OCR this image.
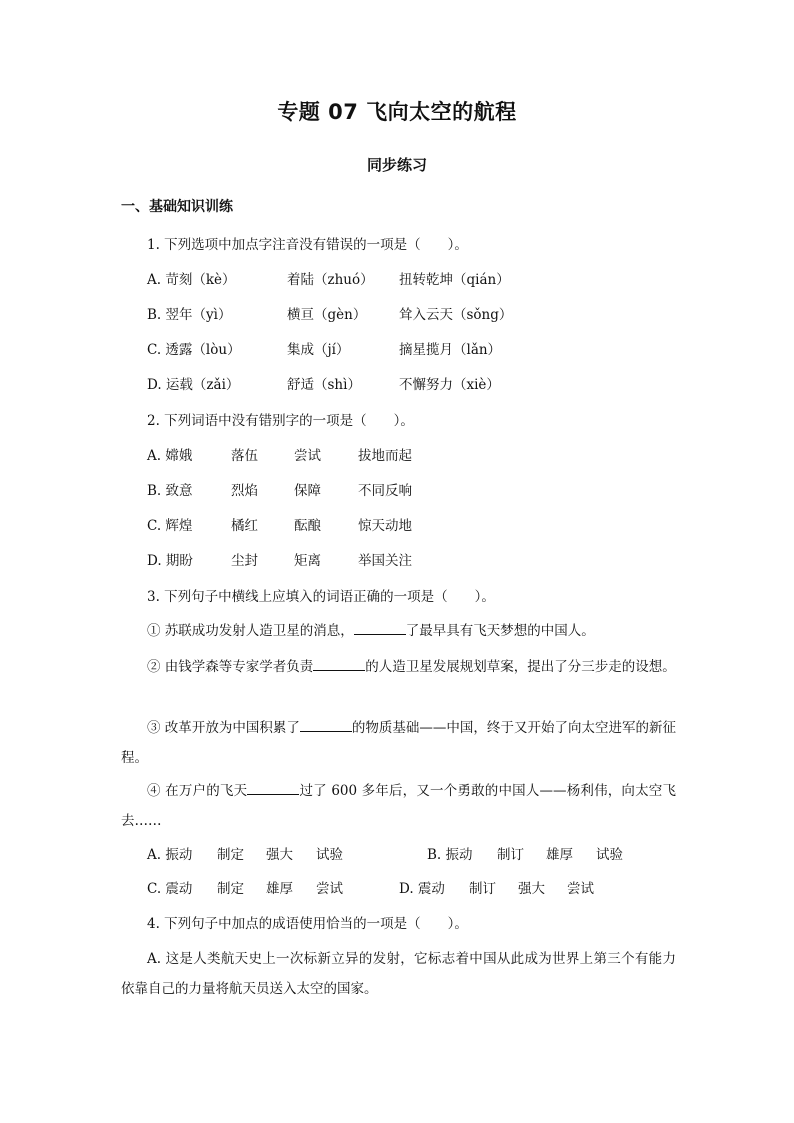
专题 07 飞向太空的航程
同步练习
一、基础知识训练
1. 下列选项中加点字注音没有错误的一项是（　　）。
A. 苛刻（kè）	着陆（zhuó） 扭转乾坤（qián）
B. 翌年（yì）	横亘（gèn） 耸入云天（sǒng）
C. 透露（lòu）	集成（jí）	摘星揽月（lǎn）
D. 运载（zǎi）	舒适（shì）	不懈努力（xiè）
2. 下列词语中没有错别字的一项是（　　）。
A. 嫦娥	落伍	尝试	拔地而起
B. 致意	烈焰	保障	不同反响
C. 辉煌	橘红	酝酿	惊天动地
D. 期盼	尘封	矩离	举国关注
3. 下列句子中横线上应填入的词语正确的一项是（　　）。
① 苏联成功发射人造卫星的消息，	了最早具有飞天梦想的中国人。
② 由钱学森等专家学者负责	的人造卫星发展规划草案，提出了分三步走的设想。
③ 改革开放为中国积累了	的物质基础——中国，终于又开始了向太空进军的新征程。
④ 在万户的飞天	过了 600 多年后，又一个勇敢的中国人——杨利伟，向太空飞去……
A. 振动 制定 强大 试验	B. 振动 制订 雄厚 试验
C. 震动 制定 雄厚 尝试	D. 震动 制订 强大 尝试
4. 下列句子中加点的成语使用恰当的一项是（　　）。
A. 这是人类航天史上一次标新立异的发射，它标志着中国从此成为世界上第三个有能力依靠自己的力量将航天员送入太空的国家。
